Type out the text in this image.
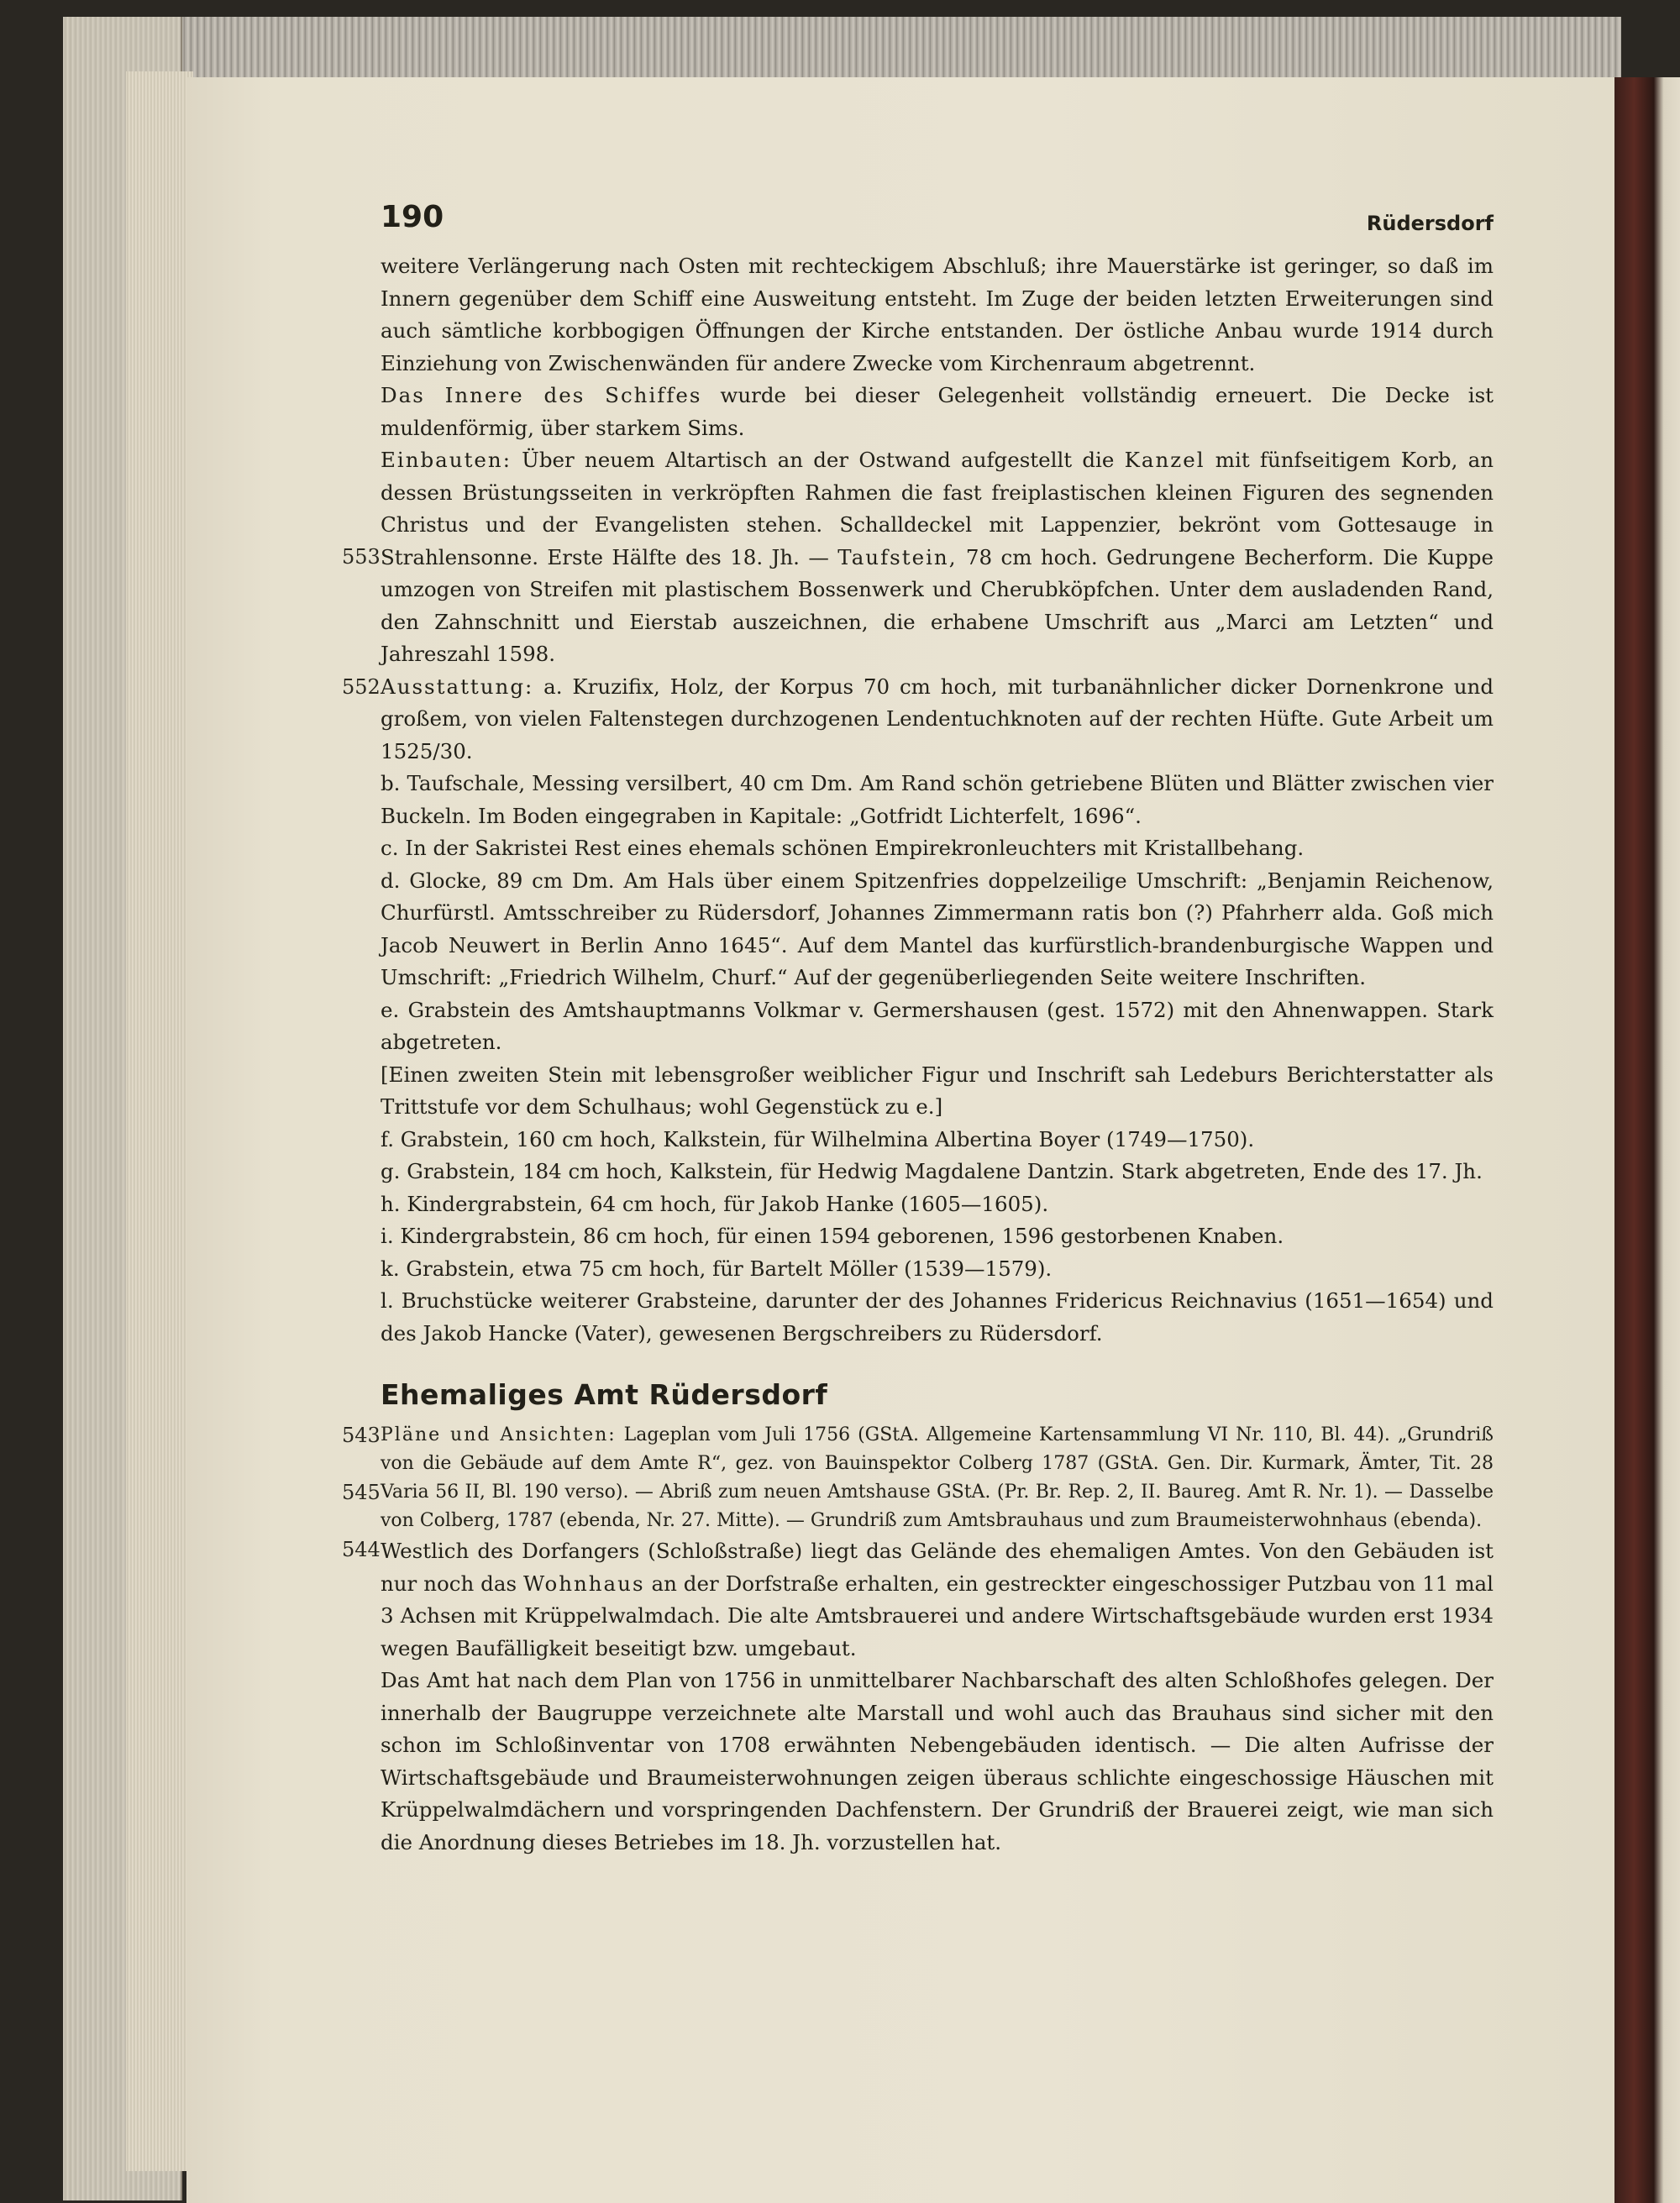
190	Rüdersdorf

weitere Verlängerung nach Osten mit rechteckigem Abschluß; ihre Mauerstärke ist geringer, so daß im Innern gegenüber dem Schiff eine Ausweitung entsteht. Im Zuge der beiden letzten Erweiterungen sind auch sämtliche korbbogigen Öffnungen der Kirche entstanden. Der östliche Anbau wurde 1914 durch Einziehung von Zwischenwänden für andere Zwecke vom Kirchenraum abgetrennt.

Das Innere des Schiffes wurde bei dieser Gelegenheit vollständig erneuert. Die Decke ist muldenförmig, über starkem Sims.

553
Einbauten: Über neuem Altartisch an der Ostwand aufgestellt die Kanzel mit fünfseitigem Korb, an dessen Brüstungsseiten in verkröpften Rahmen die fast freiplastischen kleinen Figuren des segnenden Christus und der Evangelisten stehen. Schalldeckel mit Lappenzier, bekrönt vom Gottesauge in Strahlensonne. Erste Hälfte des 18. Jh. — Taufstein, 78 cm hoch. Gedrungene Becherform. Die Kuppe umzogen von Streifen mit plastischem Bossenwerk und Cherubköpfchen. Unter dem ausladenden Rand, den Zahnschnitt und Eierstab auszeichnen, die erhabene Umschrift aus „Marci am Letzten“ und Jahreszahl 1598.

552 Ausstattung: a. Kruzifix, Holz, der Korpus 70 cm hoch, mit turbanähnlicher dicker Dornenkrone und großem, von vielen Faltenstegen durchzogenen Lendentuchknoten auf der rechten Hüfte. Gute Arbeit um 1525/30.

b. Taufschale, Messing versilbert, 40 cm Dm. Am Rand schön getriebene Blüten und Blätter zwischen vier Buckeln. Im Boden eingegraben in Kapitale: „Gotfridt Lichterfelt, 1696“.

c. In der Sakristei Rest eines ehemals schönen Empirekronleuchters mit Kristallbehang.

d. Glocke, 89 cm Dm. Am Hals über einem Spitzenfries doppelzeilige Umschrift: „Benjamin Reichenow, Churfürstl. Amtsschreiber zu Rüdersdorf, Johannes Zimmermann ratis bon (?) Pfahrherr alda. Goß mich Jacob Neuwert in Berlin Anno 1645“. Auf dem Mantel das kurfürstlich-brandenburgische Wappen und Umschrift: „Friedrich Wilhelm, Churf.“ Auf der gegenüberliegenden Seite weitere Inschriften.

e. Grabstein des Amtshauptmanns Volkmar v. Germershausen (gest. 1572) mit den Ahnenwappen. Stark abgetreten.

[Einen zweiten Stein mit lebensgroßer weiblicher Figur und Inschrift sah Ledeburs Berichterstatter als Trittstufe vor dem Schulhaus; wohl Gegenstück zu e.]

f. Grabstein, 160 cm hoch, Kalkstein, für Wilhelmina Albertina Boyer (1749—1750).

g. Grabstein, 184 cm hoch, Kalkstein, für Hedwig Magdalene Dantzin. Stark abgetreten, Ende des 17. Jh.

h. Kindergrabstein, 64 cm hoch, für Jakob Hanke (1605—1605).

i. Kindergrabstein, 86 cm hoch, für einen 1594 geborenen, 1596 gestorbenen Knaben.

k. Grabstein, etwa 75 cm hoch, für Bartelt Möller (1539—1579).

l. Bruchstücke weiterer Grabsteine, darunter der des Johannes Fridericus Reichnavius (1651—1654) und des Jakob Hancke (Vater), gewesenen Bergschreibers zu Rüdersdorf.

Ehemaliges Amt Rüdersdorf

543
545
544
Pläne und Ansichten: Lageplan vom Juli 1756 (GStA. Allgemeine Kartensammlung VI Nr. 110, Bl. 44). „Grundriß von die Gebäude auf dem Amte R“, gez. von Bauinspektor Colberg 1787 (GStA. Gen. Dir. Kurmark, Ämter, Tit. 28 Varia 56 II, Bl. 190 verso). — Abriß zum neuen Amtshause GStA. (Pr. Br. Rep. 2, II. Baureg. Amt R. Nr. 1). — Dasselbe von Colberg, 1787 (ebenda, Nr. 27. Mitte). — Grundriß zum Amtsbrauhaus und zum Braumeisterwohnhaus (ebenda).

Westlich des Dorfangers (Schloßstraße) liegt das Gelände des ehemaligen Amtes. Von den Gebäuden ist nur noch das Wohnhaus an der Dorfstraße erhalten, ein gestreckter eingeschossiger Putzbau von 11 mal 3 Achsen mit Krüppelwalmdach. Die alte Amtsbrauerei und andere Wirtschaftsgebäude wurden erst 1934 wegen Baufälligkeit beseitigt bzw. umgebaut.

Das Amt hat nach dem Plan von 1756 in unmittelbarer Nachbarschaft des alten Schloßhofes gelegen. Der innerhalb der Baugruppe verzeichnete alte Marstall und wohl auch das Brauhaus sind sicher mit den schon im Schloßinventar von 1708 erwähnten Nebengebäuden identisch. — Die alten Aufrisse der Wirtschaftsgebäude und Braumeisterwohnungen zeigen überaus schlichte eingeschossige Häuschen mit Krüppelwalmdächern und vorspringenden Dachfenstern. Der Grundriß der Brauerei zeigt, wie man sich die Anordnung dieses Betriebes im 18. Jh. vorzustellen hat.
